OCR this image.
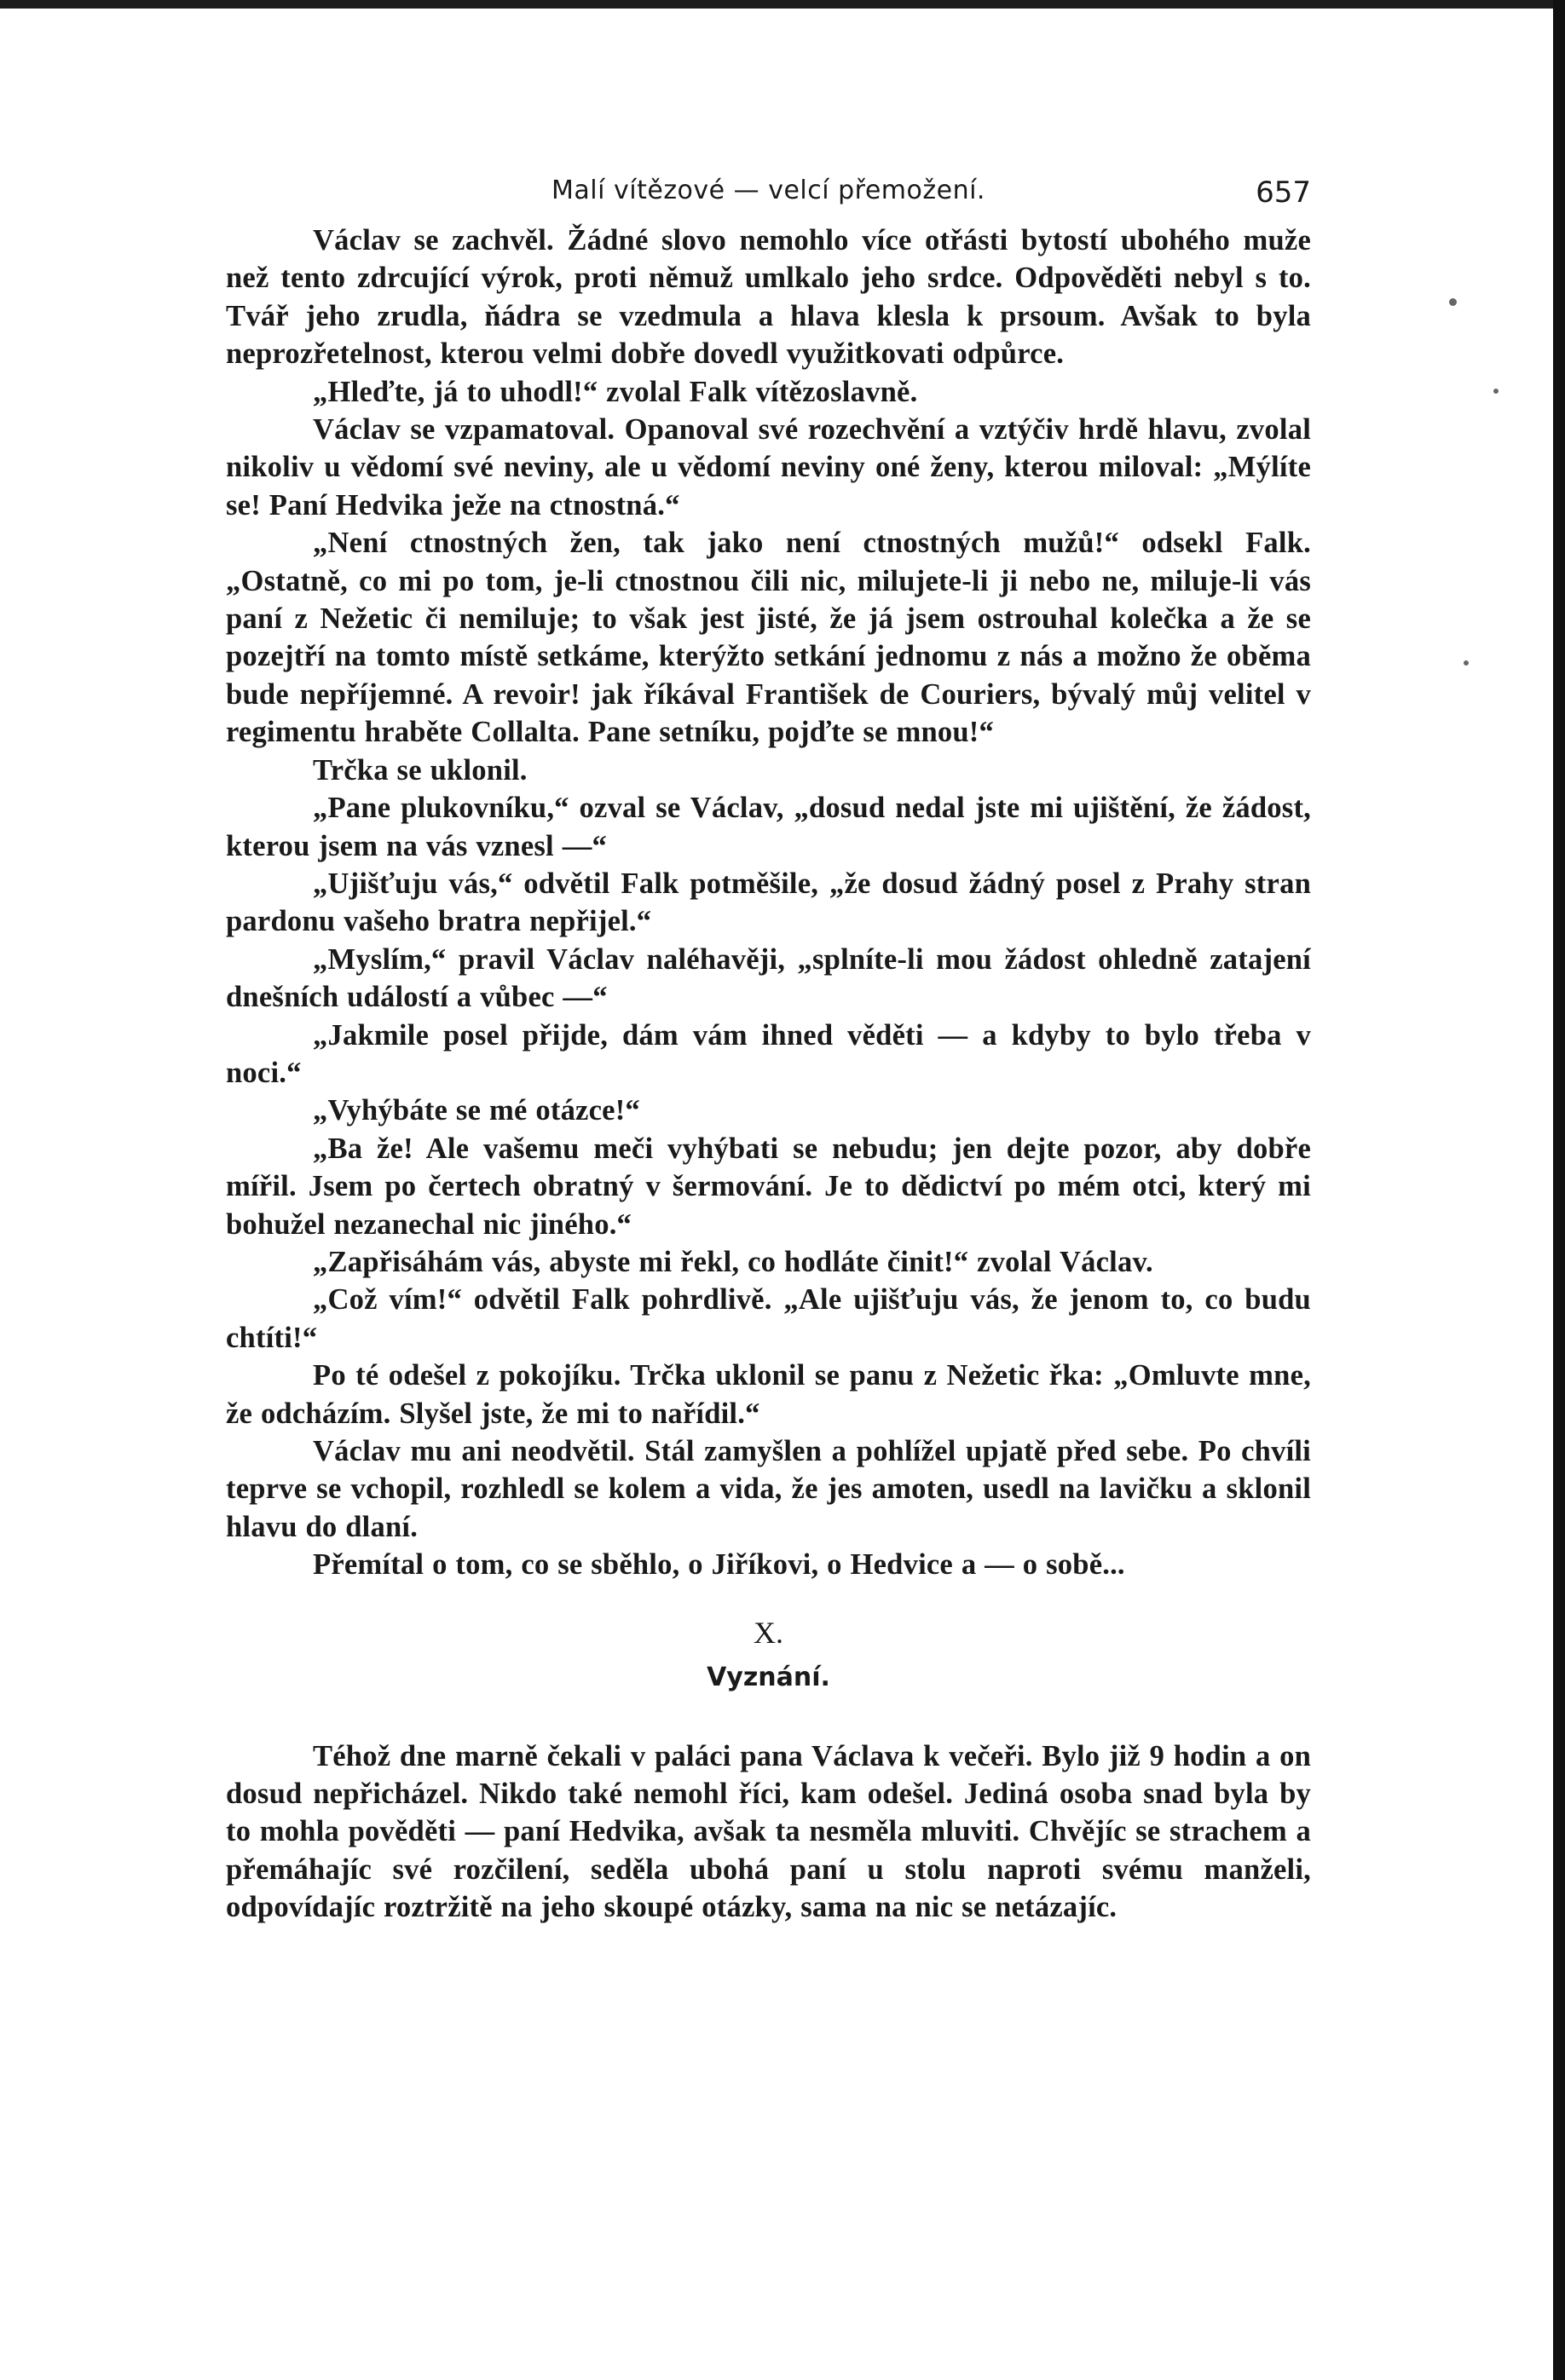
Malí vítězové — velcí přemožení.	657

Václav se zachvěl. Žádné slovo nemohlo více otřásti bytostí ubohého muže než tento zdrcující výrok, proti němuž umlkalo jeho srdce. Odpověděti nebyl s to. Tvář jeho zrudla, ňádra se vzedmula a hlava klesla k prsoum. Avšak to byla neprozřetelnost, kterou velmi dobře dovedl využitkovati odpůrce.

„Hleďte, já to uhodl!“ zvolal Falk vítězoslavně.

Václav se vzpamatoval. Opanoval své rozechvění a vztýčiv hrdě hlavu, zvolal nikoliv u vědomí své neviny, ale u vědomí neviny oné ženy, kterou miloval: „Mýlíte se! Paní Hedvika ježe na ctnostná.“

„Není ctnostných žen, tak jako není ctnostných mužů!“ odsekl Falk. „Ostatně, co mi po tom, je-li ctnostnou čili nic, milujete-li ji nebo ne, miluje-li vás paní z Nežetic či nemiluje; to však jest jisté, že já jsem ostrouhal kolečka a že se pozejtří na tomto místě setkáme, kterýžto setkání jednomu z nás a možno že oběma bude nepříjemné. A revoir! jak říkával František de Couriers, bývalý můj velitel v regimentu hraběte Collalta. Pane setníku, pojďte se mnou!“

Trčka se uklonil.

„Pane plukovníku,“ ozval se Václav, „dosud nedal jste mi ujištění, že žádost, kterou jsem na vás vznesl —“

„Ujišťuju vás,“ odvětil Falk potměšile, „že dosud žádný posel z Prahy stran pardonu vašeho bratra nepřijel.“

„Myslím,“ pravil Václav naléhavěji, „splníte-li mou žádost ohledně zatajení dnešních událostí a vůbec —“

„Jakmile posel přijde, dám vám ihned věděti — a kdyby to bylo třeba v noci.“

„Vyhýbáte se mé otázce!“

„Ba že! Ale vašemu meči vyhýbati se nebudu; jen dejte pozor, aby dobře mířil. Jsem po čertech obratný v šermování. Je to dědictví po mém otci, který mi bohužel nezanechal nic jiného.“

„Zapřisáhám vás, abyste mi řekl, co hodláte činit!“ zvolal Václav.

„Což vím!“ odvětil Falk pohrdlivě. „Ale ujišťuju vás, že jenom to, co budu chtíti!“

Po té odešel z pokojíku. Trčka uklonil se panu z Nežetic řka: „Omluvte mne, že odcházím. Slyšel jste, že mi to nařídil.“

Václav mu ani neodvětil. Stál zamyšlen a pohlížel upjatě před sebe. Po chvíli teprve se vchopil, rozhledl se kolem a vida, že jes amoten, usedl na lavičku a sklonil hlavu do dlaní.

Přemítal o tom, co se sběhlo, o Jiříkovi, o Hedvice a — o sobě...

X.
Vyznání.

Téhož dne marně čekali v paláci pana Václava k večeři. Bylo již 9 hodin a on dosud nepřicházel. Nikdo také nemohl říci, kam odešel. Jediná osoba snad byla by to mohla pověděti — paní Hedvika, avšak ta nesměla mluviti. Chvějíc se strachem a přemáhajíc své rozčilení, seděla ubohá paní u stolu naproti svému manželi, odpovídajíc roztržitě na jeho skoupé otázky, sama na nic se netázajíc.
